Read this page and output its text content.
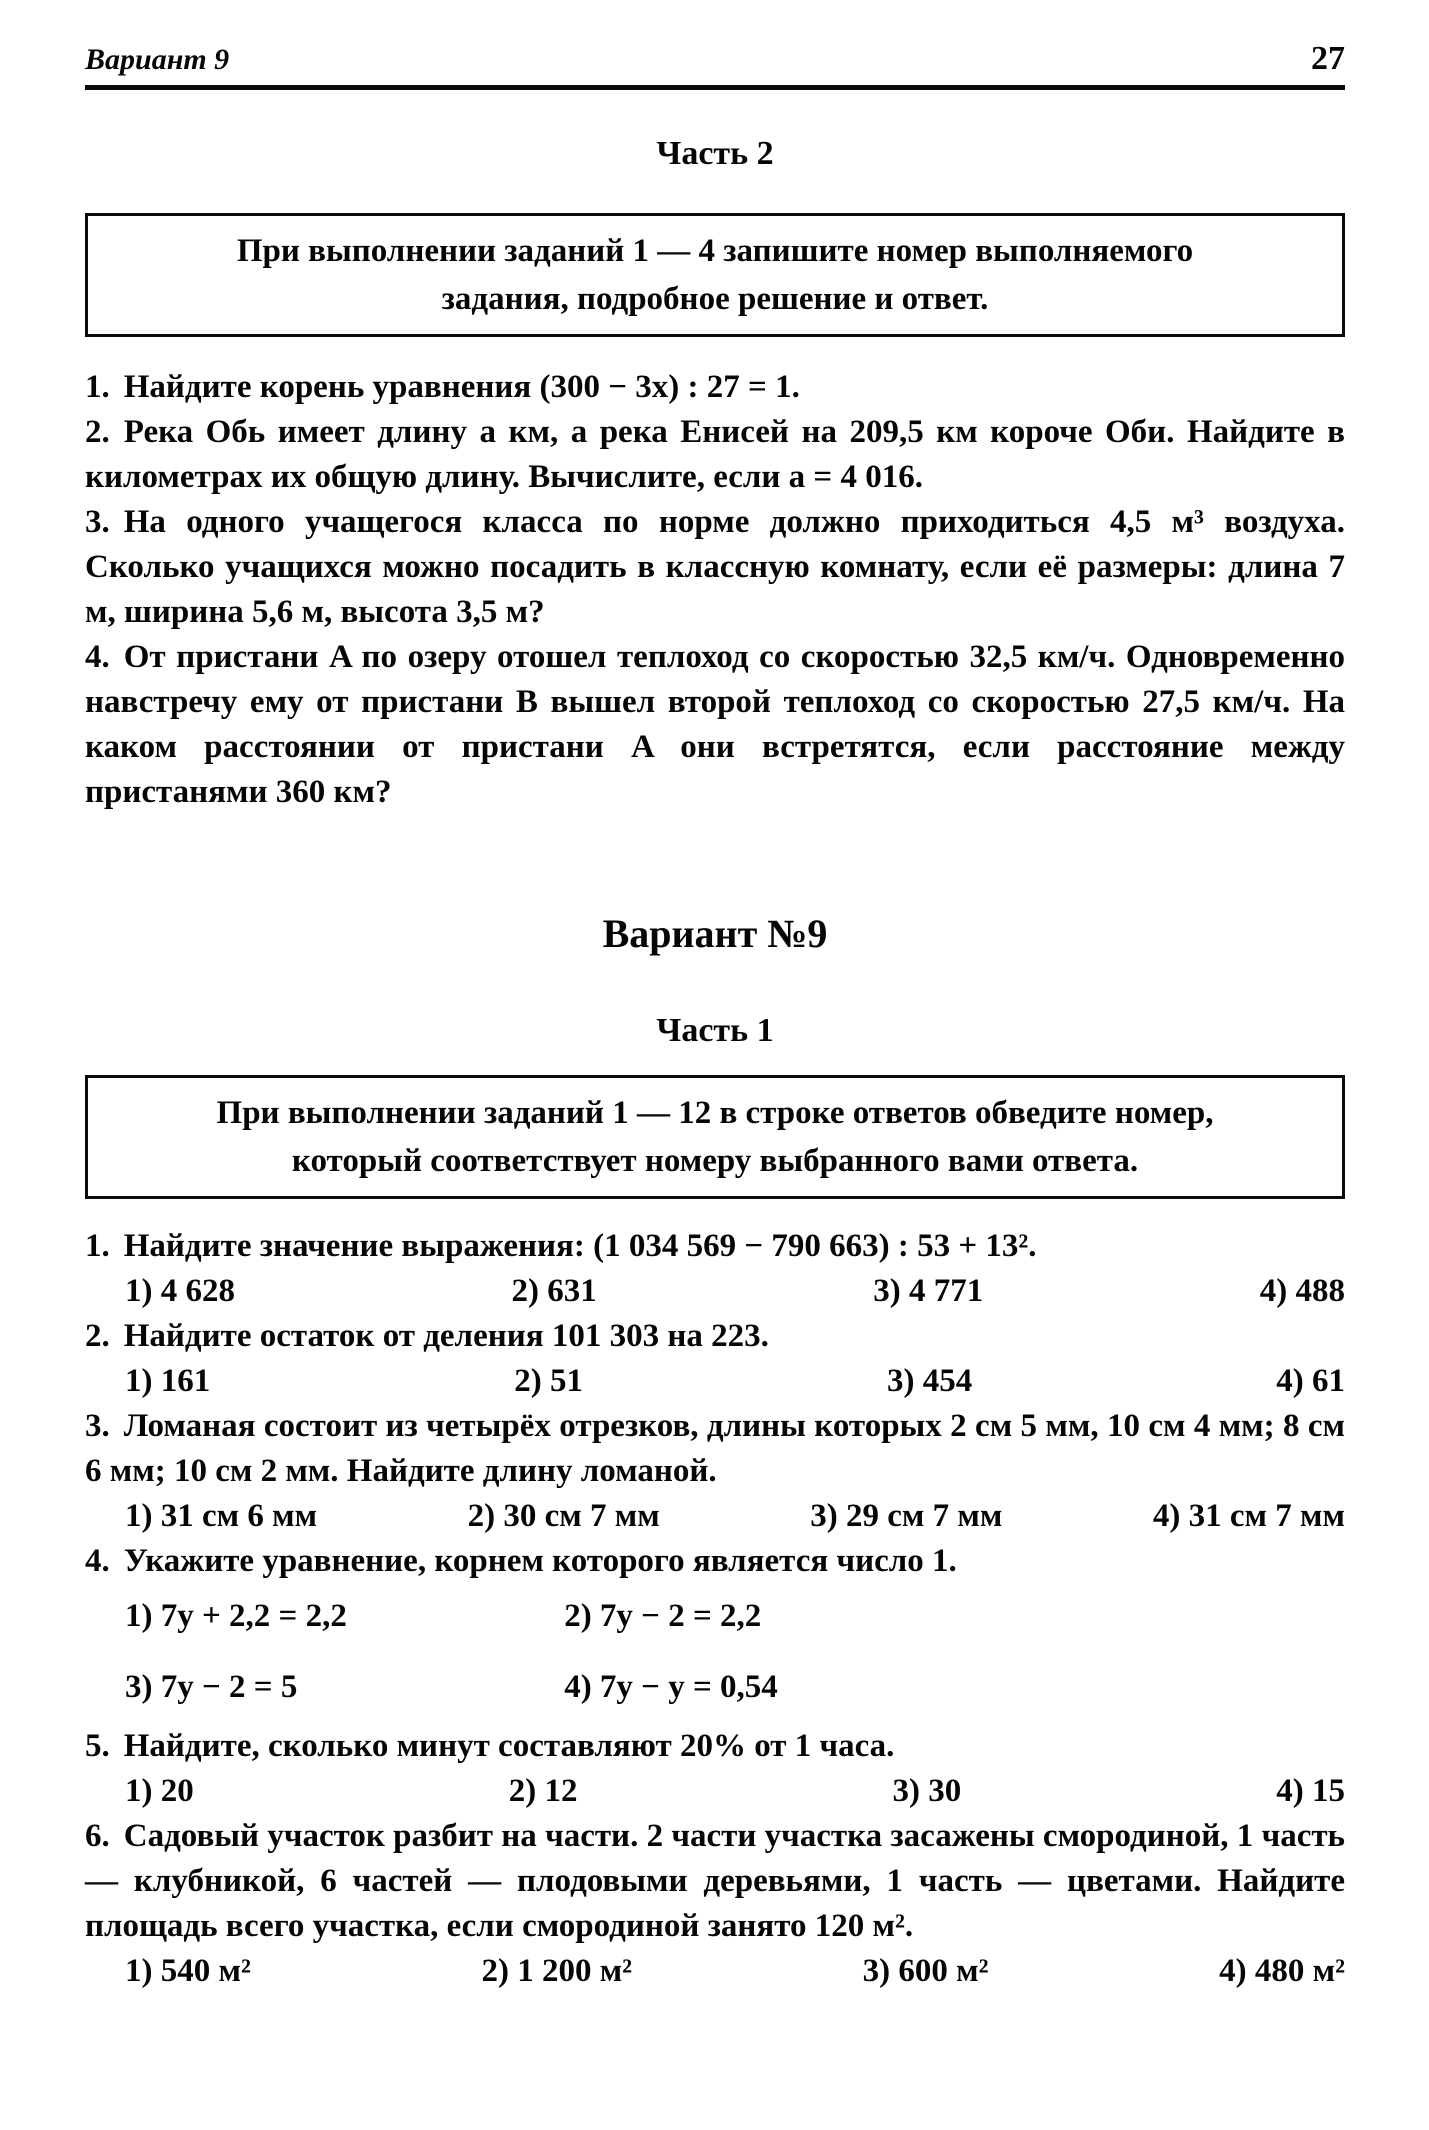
Вариант 9	27
Часть 2
При выполнении заданий 1 — 4 запишите номер выполняемого
задания, подробное решение и ответ.

1. Найдите корень уравнения (300 − 3x) : 27 = 1.

2. Река Обь имеет длину a км, а река Енисей на 209,5 км короче Оби. Найдите в километрах их общую длину. Вычислите, если a = 4 016.

3. На одного учащегося класса по норме должно приходиться 4,5 м³ воздуха. Сколько учащихся можно посадить в классную комнату, если её размеры: длина 7 м, ширина 5,6 м, высота 3,5 м?

4. От пристани A по озеру отошел теплоход со скоростью 32,5 км/ч. Одновременно навстречу ему от пристани B вышел второй теплоход со скоростью 27,5 км/ч. На каком расстоянии от пристани A они встретятся, если расстояние между пристанями 360 км?

Вариант №9
Часть 1
При выполнении заданий 1 — 12 в строке ответов обведите номер,
который соответствует номеру выбранного вами ответа.

1. Найдите значение выражения: (1 034 569 − 790 663) : 53 + 13².

1) 4 628	2) 631	3) 4 771	4) 488

2. Найдите остаток от деления 101 303 на 223.

1) 161	2) 51	3) 454	4) 61

3. Ломаная состоит из четырёх отрезков, длины которых 2 см 5 мм, 10 см 4 мм; 8 см 6 мм; 10 см 2 мм. Найдите длину ломаной.

1) 31 см 6 мм	2) 30 см 7 мм	3) 29 см 7 мм	4) 31 см 7 мм

4. Укажите уравнение, корнем которого является число 1.

1) 7y + 2,2 = 2,2	2) 7y − 2 = 2,2
3) 7y − 2 = 5	4) 7y − y = 0,54

5. Найдите, сколько минут составляют 20% от 1 часа.

1) 20	2) 12	3) 30	4) 15

6. Садовый участок разбит на части. 2 части участка засажены смородиной, 1 часть — клубникой, 6 частей — плодовыми деревьями, 1 часть — цветами. Найдите площадь всего участка, если смородиной занято 120 м².

1) 540 м²	2) 1 200 м²	3) 600 м²	4) 480 м²
